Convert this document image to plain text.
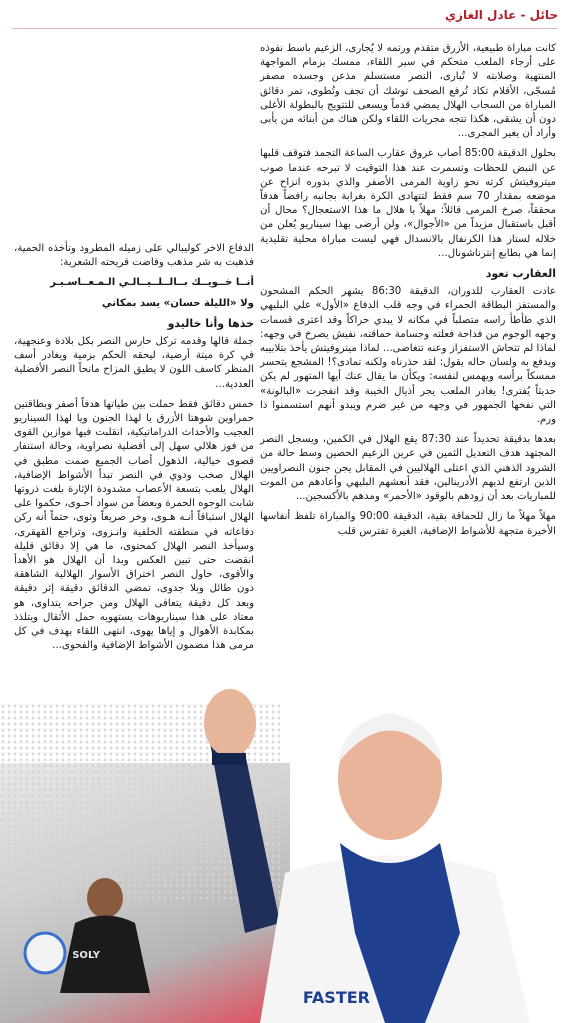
حائل - عادل الغازي

كانت مباراة طبيعية، الأزرق متقدم ورتمه لا يُجارى، الزعيم باسط نفوذه على أرجاء الملعب متحكم في سير اللقاء، ممسك بزمام المواجهة المنتهية وصلابته لا تُبارى، النصر مستسلم مذعن وجسده مصفر مُسجّى، الأقلام تكاد تُرفع الصحف توشك أن تجف وتُطوى، تمر دقائق المباراة من السحاب الهلال يمضي قدماً ويسعى للتتويج بالبطولة الأغلى دون أن يشقى، هكذا تتجه مجريات اللقاء ولكن هناك من أبنائه من يأبى وأراد أن يغير المجرى...

بحلول الدقيقة 85:00 أصاب عروق عقارب الساعة التجمد فتوقف قلبها عن النبض للحظات وتسمرت عند هذا التوقيت لا تبرحه عندما صوب ميتروفيتش كرته نحو زاوية المرمى الأصفر والذي بدوره انزاح عن موضعه بمقدار 70 سم فقط لتتهادى الكرة بغرابة بجانبه رافضاً هدفاً محققاً، صرخ المرمى قائلاً: مهلاً يا هلال ما هذا الاستعجال؟ محال أن أقبل باستقبال مزيداً من «الأجوال»، ولن أرضى بهذا سيناريو يُعلن من خلاله لستار هذا الكرنفال بالانسدال فهي ليست مباراة محلية تقليدية إنما هي بطابع إنترناشونال...

العقارب تعود

عادت العقارب للدوران، الدقيقة 86:30 يشهر الحكم المشحون والمستفز البطاقة الحمراء في وجه قلب الدفاع «الأول» علي البليهي الذي طأطأ راسه متصلباً في مكانه لا يبدي حراكاً وقد اعترى قسمات وجهه الوجوم من فداحة فعلته وجسامة حماقته، نفيش يصرخ في وجهه: لماذا لم تتحاش الاستفزاز وعنه تتغاضى... لماذا ميتروفيتش يأخذ بتلابيبه ويدفع به ولسان حاله يقول: لقد حذرناه ولكنه تمادى؟! المشجع يتحسر ممسكاً برأسه ويهمس لنفسه: ويكأن ما يقال عنك أيها المتهور لم يكن حديثاً يُفترى! يغادر الملعب يجر أذيال الخيبة وقد انفجرت «البالونة» التي نفخها الجمهور في وجهه من غير ضرم ويبدو أنهم استسمنوا ذا ورم.

بعدها بدقيقة تحديداً عند 87:30 يقع الهلال في الكمين، ويسجل النصر المجتهد هدف التعديل الثمين في عرين الزعيم الحصين وسط حالة من الشرود الذهني الذي اعتلى الهلاليين في المقابل يجن جنون النصراويين الذين ارتفع لديهم الأدرينالين، فقد أنعشهم البليهي وأعادهم من الموت للمباريات بعد أن زودهم بالوقود «الأحمر» ومدهم بالأكسجين...

مهلاً مهلاً ما زال للحماقة بقية، الدقيقة 90:00 والمباراة تلفظ أنفاسها الأخيرة متجهة للأشواط الإضافية، الغيرة تفترس قلب

الدفاع الاخر كوليبالي على زميله المطرود وتأخذه الحمية، فذهبت به شر مذهب وفاضت قريحته الشعرية:

أنــا خــويــك بــالــلــيــالـي الـمـعــاسـيـر
ولا «الليلة حسان» يسد بمكاني
خذها وأنا خاليدو

جملة قالها وقدمه تركل حارس النصر بكل بلادة وعنجهية، في كرة ميتة أرضية، ليحقه الحكم بزمية ويغادر أسف المنظر كاسف اللون لا يطيق المزاح مانحاً النصر الأفضلية العددية...

خمس دقائق فقط حملت بين طياتها هدفاً أصفر وبطاقتين حمراوين شوهتا الأزرق يا لهذا الجنون ويا لهذا السيناريو العجيب والأحداث الدراماتيكية، انقلبت فيها موازين القوى من فوز هلالي سهل إلى أفضلية نصراوية، وحالة استنفار قصوى خيالية، الذهول أصاب الجميع صمت مطبق في الهلال صخب ودوي في النصر تبدأ الأشواط الإضافية، الهلال يلعب بتسعة الأعصاب مشدودة الإثارة بلغت ذروتها شابت الوجوه الحمرة وبعضاً من سواد أحـوى، حكموا على الهلال استباقاً أنـه هـوى، وخر صريعاً وثوى، حتماً أنه ركن دفاعاته في منطقته الخلفية وانـزوى، وتراجع القهقرى، وسيأخذ النصر الهلال كمحتوى، ما هي إلا دقائق قليلة انقضت حتى تبين العكس وبدا أن الهلال هو الأهدأ والأقوى، حاول النصر اختراق الأسوار الهلالية الشاهقة دون طائل وبلا جدوى، تمضي الدقائق دقيقة إثر دقيقة وبعد كل دقيقة يتعافى الهلال ومن جراحه يتداوى، هو معتاد على هذا سيناريوهات يستهويه حمل الأثقال ويتلذذ بمكابدة الأهوال و إياها يهوى، انتهى اللقاء بهدف في كل مرمى هذا مضمون الأشواط الإضافية والفحوى...

SOLY
ORY
FASTER
